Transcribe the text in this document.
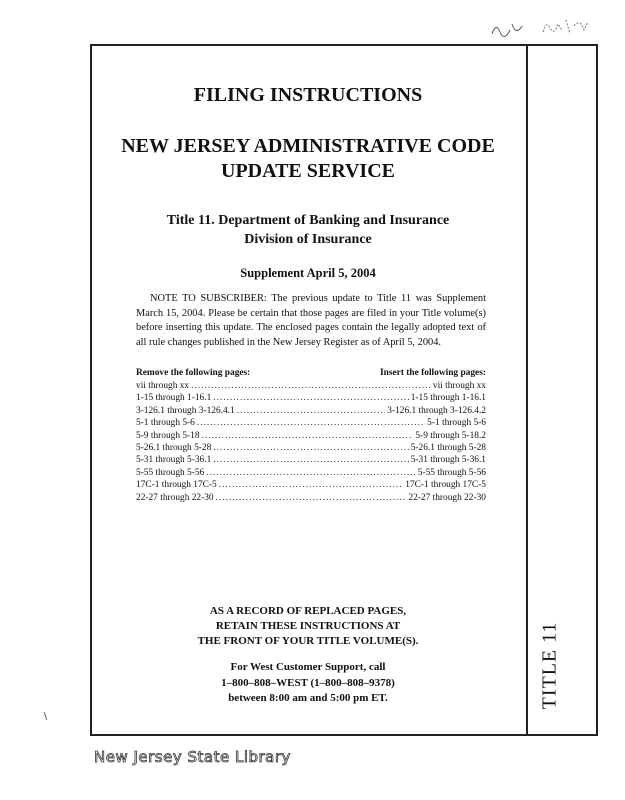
TITLE 11
FILING INSTRUCTIONS
NEW JERSEY ADMINISTRATIVE CODE
UPDATE SERVICE
Title 11. Department of Banking and Insurance
Division of Insurance
Supplement April 5, 2004
NOTE TO SUBSCRIBER: The previous update to Title 11 was Supplement March 15, 2004. Please be certain that those pages are filed in your Title volume(s) before inserting this update. The enclosed pages contain the legally adopted text of all rule changes published in the New Jersey Register as of April 5, 2004.
Remove the following pages:	Insert the following pages:
vii through xx .....	vii through xx
1-15 through 1-16.1 .....	1-15 through 1-16.1
3-126.1 through 3-126.4.1 .....	3-126.1 through 3-126.4.2
5-1 through 5-6 .....	5-1 through 5-6
5-9 through 5-18 .....	5-9 through 5-18.2
5-26.1 through 5-28 .....	5-26.1 through 5-28
5-31 through 5-36.1 .....	5-31 through 5-36.1
5-55 through 5-56 .....	5-55 through 5-56
17C-1 through 17C-5 .....	17C-1 through 17C-5
22-27 through 22-30 .....	22-27 through 22-30
AS A RECORD OF REPLACED PAGES,
RETAIN THESE INSTRUCTIONS AT
THE FRONT OF YOUR TITLE VOLUME(S).
For West Customer Support, call
1–800–808–WEST (1–800–808–9378)
between 8:00 am and 5:00 pm ET.
New Jersey State Library
